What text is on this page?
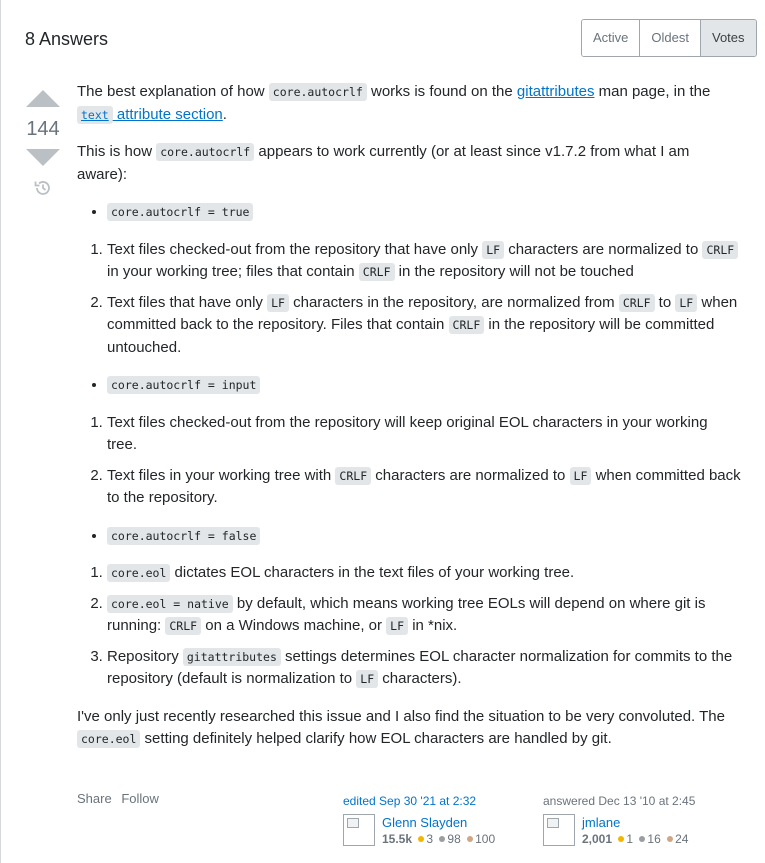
8 Answers	Active	Oldest	Votes
144

The best explanation of how core.autocrlf works is found on the gitattributes man page, in the text attribute section.

This is how core.autocrlf appears to work currently (or at least since v1.7.2 from what I am aware):

• core.autocrlf = true
1. Text files checked-out from the repository that have only LF characters are normalized to CRLF in your working tree; files that contain CRLF in the repository will not be touched
2. Text files that have only LF characters in the repository, are normalized from CRLF to LF when committed back to the repository. Files that contain CRLF in the repository will be committed untouched.
• core.autocrlf = input
1. Text files checked-out from the repository will keep original EOL characters in your working tree.
2. Text files in your working tree with CRLF characters are normalized to LF when committed back to the repository.
• core.autocrlf = false
1. core.eol dictates EOL characters in the text files of your working tree.
2. core.eol = native by default, which means working tree EOLs will depend on where git is running: CRLF on a Windows machine, or LF in *nix.
3. Repository gitattributes settings determines EOL character normalization for commits to the repository (default is normalization to LF characters).

I've only just recently researched this issue and I also find the situation to be very convoluted. The core.eol setting definitely helped clarify how EOL characters are handled by git.

Share Follow	edited Sep 30 '21 at 2:32
Glenn Slayden
15.5k 3 98 100
answered Dec 13 '10 at 2:45
jmlane
2,001 1 16 24
